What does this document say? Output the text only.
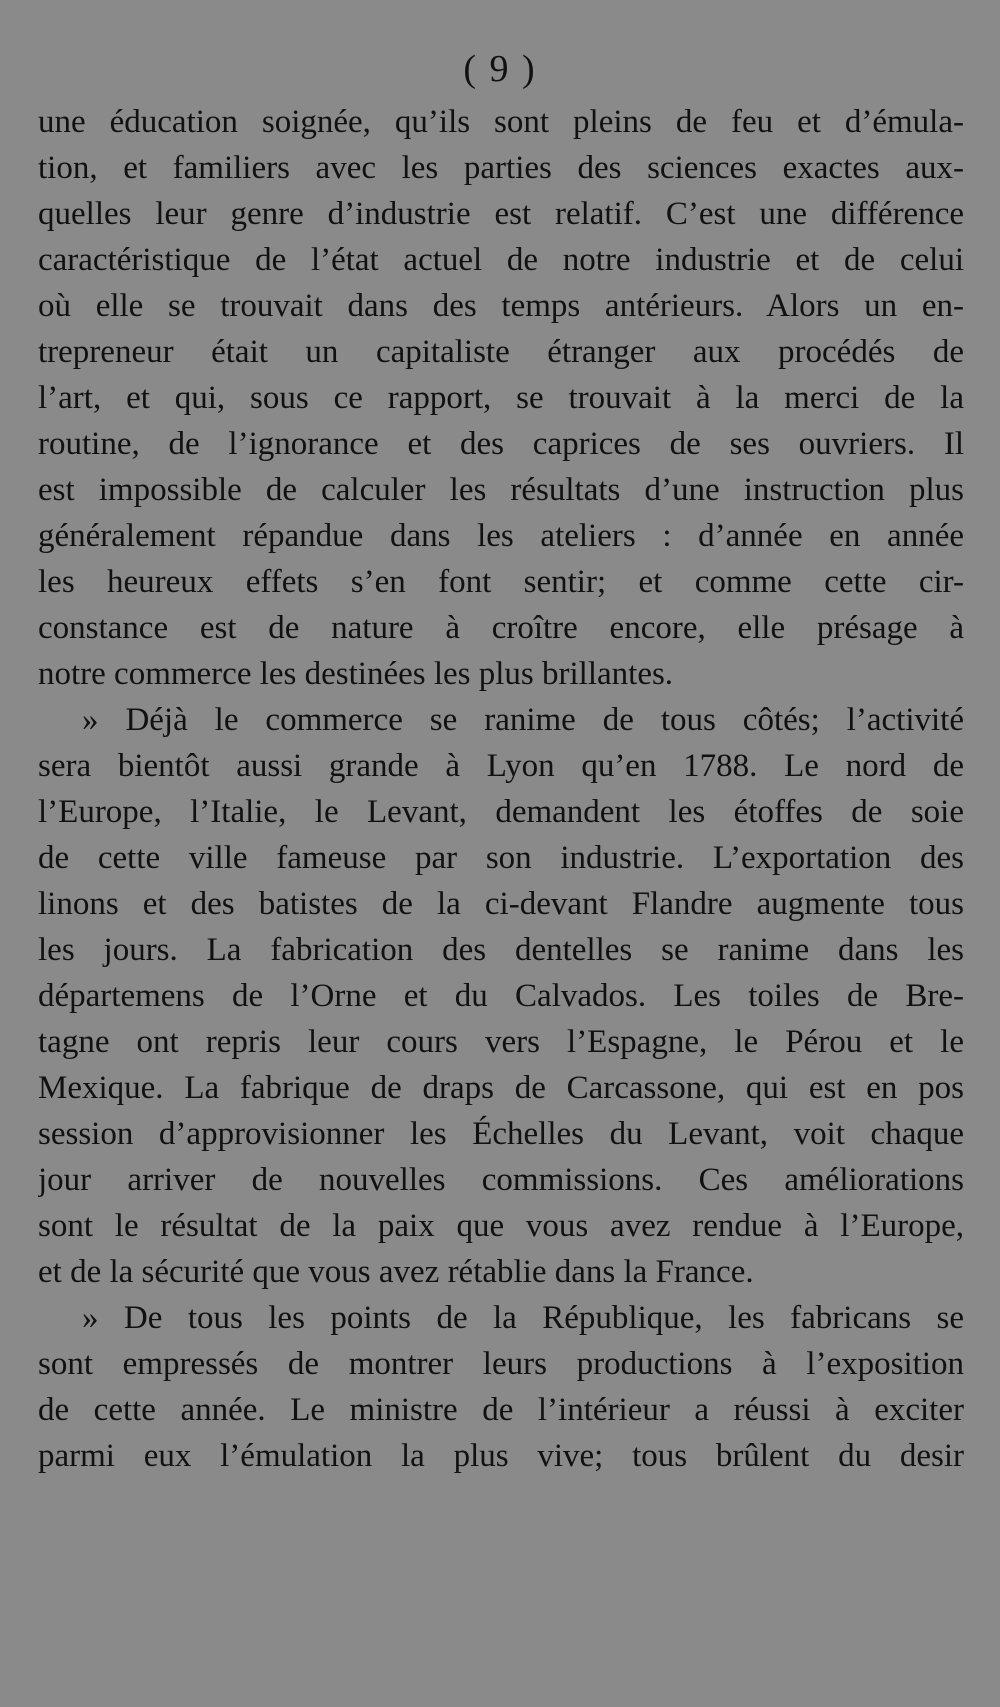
( 9 )
une éducation soignée, qu’ils sont pleins de feu et d’émula-
tion, et familiers avec les parties des sciences exactes aux-
quelles leur genre d’industrie est relatif. C’est une différence
caractéristique de l’état actuel de notre industrie et de celui
où elle se trouvait dans des temps antérieurs. Alors un en-
trepreneur était un capitaliste étranger aux procédés de
l’art, et qui, sous ce rapport, se trouvait à la merci de la
routine, de l’ignorance et des caprices de ses ouvriers. Il
est impossible de calculer les résultats d’une instruction plus
généralement répandue dans les ateliers : d’année en année
les heureux effets s’en font sentir; et comme cette cir-
constance est de nature à croître encore, elle présage à
notre commerce les destinées les plus brillantes.
» Déjà le commerce se ranime de tous côtés; l’activité
sera bientôt aussi grande à Lyon qu’en 1788. Le nord de
l’Europe, l’Italie, le Levant, demandent les étoffes de soie
de cette ville fameuse par son industrie. L’exportation des
linons et des batistes de la ci-devant Flandre augmente tous
les jours. La fabrication des dentelles se ranime dans les
départemens de l’Orne et du Calvados. Les toiles de Bre-
tagne ont repris leur cours vers l’Espagne, le Pérou et le
Mexique. La fabrique de draps de Carcassone, qui est en pos
session d’approvisionner les Échelles du Levant, voit chaque
jour arriver de nouvelles commissions. Ces améliorations
sont le résultat de la paix que vous avez rendue à l’Europe,
et de la sécurité que vous avez rétablie dans la France.
» De tous les points de la République, les fabricans se
sont empressés de montrer leurs productions à l’exposition
de cette année. Le ministre de l’intérieur a réussi à exciter
parmi eux l’émulation la plus vive; tous brûlent du desir
